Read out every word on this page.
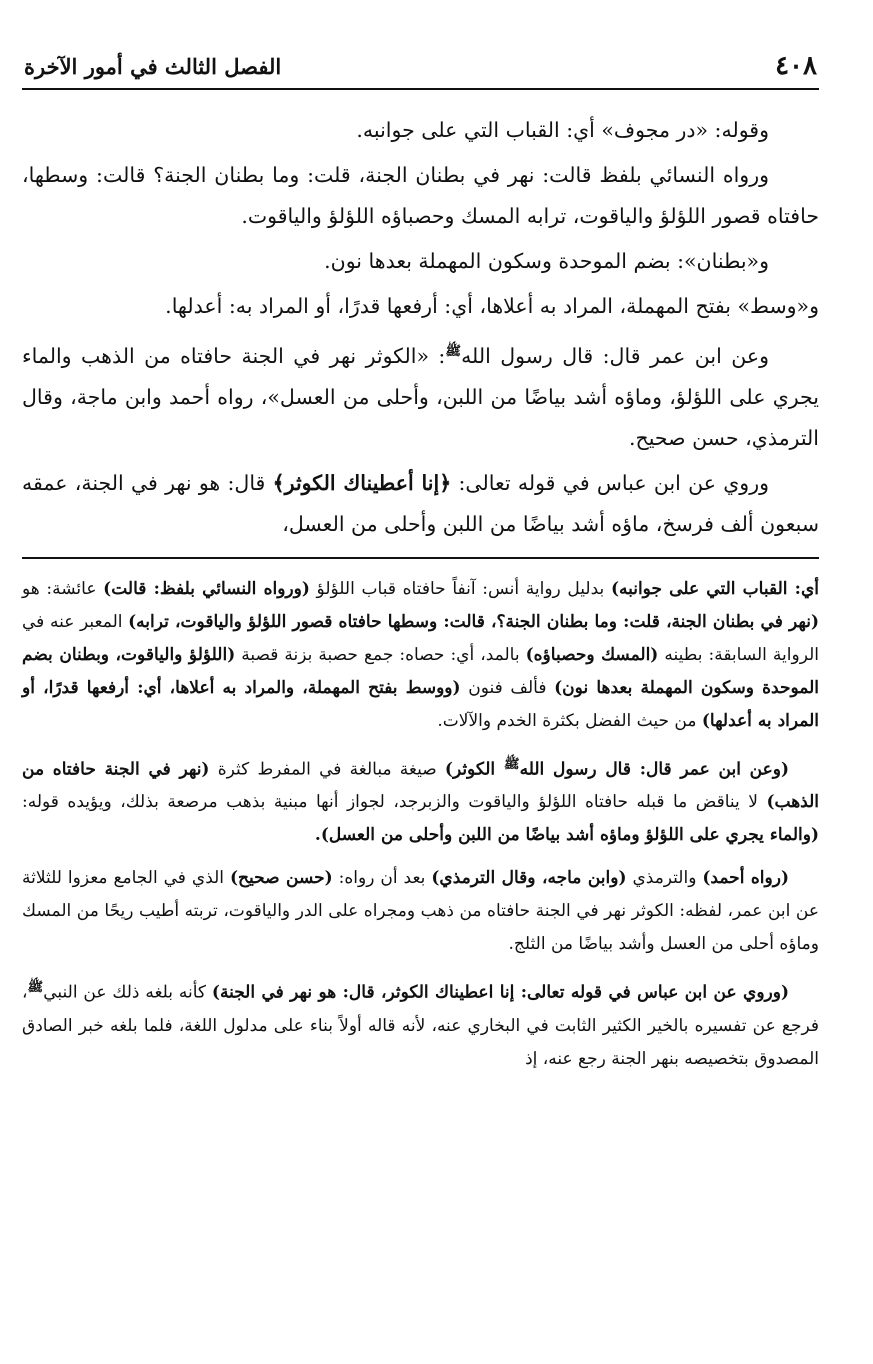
٤٠٨
الفصل الثالث في أمور الآخرة

وقوله: «در مجوف» أي: القباب التي على جوانبه.

ورواه النسائي بلفظ قالت: نهر في بطنان الجنة، قلت: وما بطنان الجنة؟ قالت: وسطها، حافتاه قصور اللؤلؤ والياقوت، ترابه المسك وحصباؤه اللؤلؤ والياقوت.

و«بطنان»: بضم الموحدة وسكون المهملة بعدها نون.

و«وسط» بفتح المهملة، المراد به أعلاها، أي: أرفعها قدرًا، أو المراد به: أعدلها.

وعن ابن عمر قال: قال رسول الله$^ﷺ$: «الكوثر نهر في الجنة حافتاه من الذهب والماء يجري على اللؤلؤ، وماؤه أشد بياضًا من اللبن، وأحلى من العسل»، رواه أحمد وابن ماجة، وقال الترمذي، حسن صحيح.

وروي عن ابن عباس في قوله تعالى: ﴿إنا أعطيناك الكوثر﴾ قال: هو نهر في الجنة، عمقه سبعون ألف فرسخ، ماؤه أشد بياضًا من اللبن وأحلى من العسل،

أي: القباب التي على جوانبه) بدليل رواية أنس: آنفاً حافتاه قباب اللؤلؤ (ورواه النسائي بلفظ: قالت) عائشة: هو (نهر في بطنان الجنة، قلت: وما بطنان الجنة؟، قالت: وسطها حافتاه قصور اللؤلؤ والياقوت، ترابه) المعبر عنه في الرواية السابقة: بطينه (المسك وحصباؤه) بالمد، أي: حصاه: جمع حصبة بزنة قصبة (اللؤلؤ والياقوت، وبطنان بضم الموحدة وسكون المهملة بعدها نون) فألف فنون (ووسط بفتح المهملة، والمراد به أعلاها، أي: أرفعها قدرًا، أو المراد به أعدلها) من حيث الفضل بكثرة الخدم والآلات.

(وعن ابن عمر قال: قال رسول الله$^ﷺ$ الكوثر) صيغة مبالغة في المفرط كثرة (نهر في الجنة حافتاه من الذهب) لا يناقض ما قبله حافتاه اللؤلؤ والياقوت والزبرجد، لجواز أنها مبنية بذهب مرصعة بذلك، ويؤيده قوله: (والماء يجري على اللؤلؤ وماؤه أشد بياضًا من اللبن وأحلى من العسل).

(رواه أحمد) والترمذي (وابن ماجه، وقال الترمذي) بعد أن رواه: (حسن صحيح) الذي في الجامع معزوا للثلاثة عن ابن عمر، لفظه: الكوثر نهر في الجنة حافتاه من ذهب ومجراه على الدر والياقوت، تربته أطيب ريحًا من المسك وماؤه أحلى من العسل وأشد بياضًا من الثلج.

(وروي عن ابن عباس في قوله تعالى: إنا اعطيناك الكوثر، قال: هو نهر في الجنة) كأنه بلغه ذلك عن النبي$^ﷺ$، فرجع عن تفسيره بالخير الكثير الثابت في البخاري عنه، لأنه قاله أولاً بناء على مدلول اللغة، فلما بلغه خبر الصادق المصدوق بتخصيصه بنهر الجنة رجع عنه، إذ
